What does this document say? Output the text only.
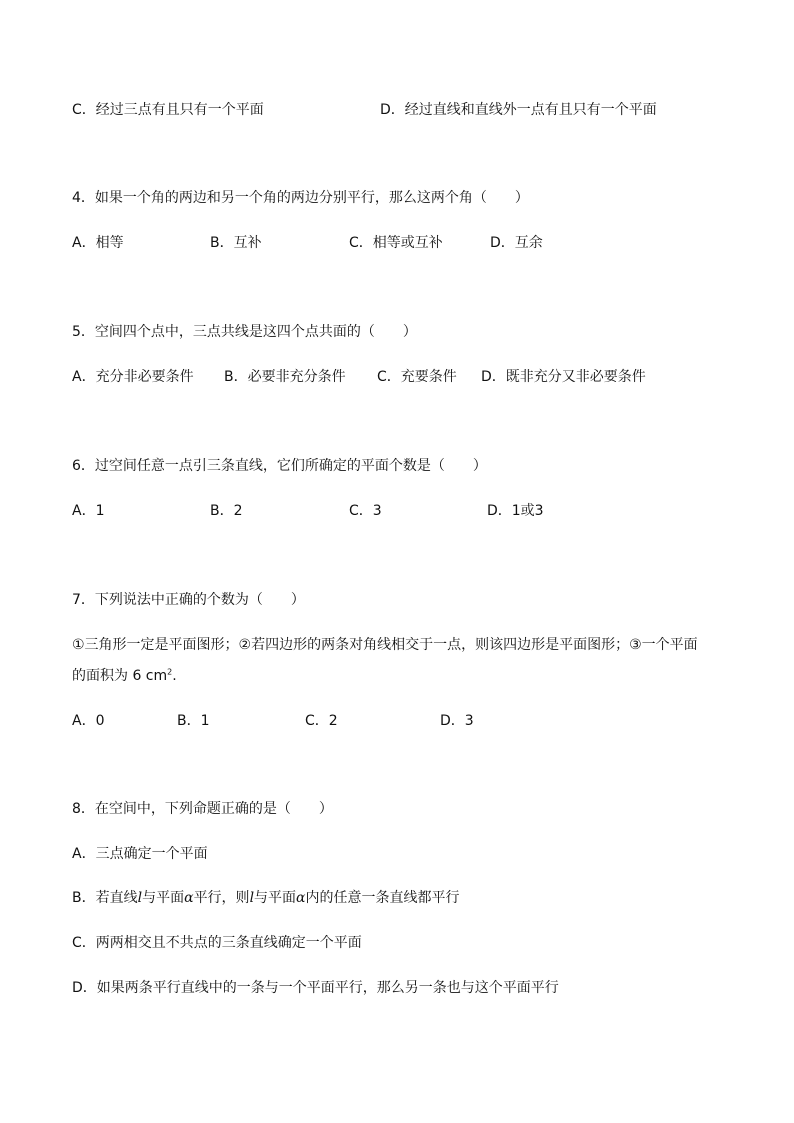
C．经过三点有且只有一个平面	D．经过直线和直线外一点有且只有一个平面
4．如果一个角的两边和另一个角的两边分别平行，那么这两个角（　　）
A．相等	B．互补	C．相等或互补	D．互余
5．空间四个点中，三点共线是这四个点共面的（　　）
A．充分非必要条件 B．必要非充分条件 C．充要条件 D．既非充分又非必要条件
6．过空间任意一点引三条直线，它们所确定的平面个数是（　　）
A．1	B．2	C．3	D．1或3
7．下列说法中正确的个数为（　　）
①三角形一定是平面图形；②若四边形的两条对角线相交于一点，则该四边形是平面图形；③一个平面
的面积为 6 $cm^2$.
A．0	B．1	C．2	D．3
8．在空间中，下列命题正确的是（　　）
A．三点确定一个平面
B．若直线l与平面α平行，则l与平面α内的任意一条直线都平行
C．两两相交且不共点的三条直线确定一个平面
D．如果两条平行直线中的一条与一个平面平行，那么另一条也与这个平面平行
